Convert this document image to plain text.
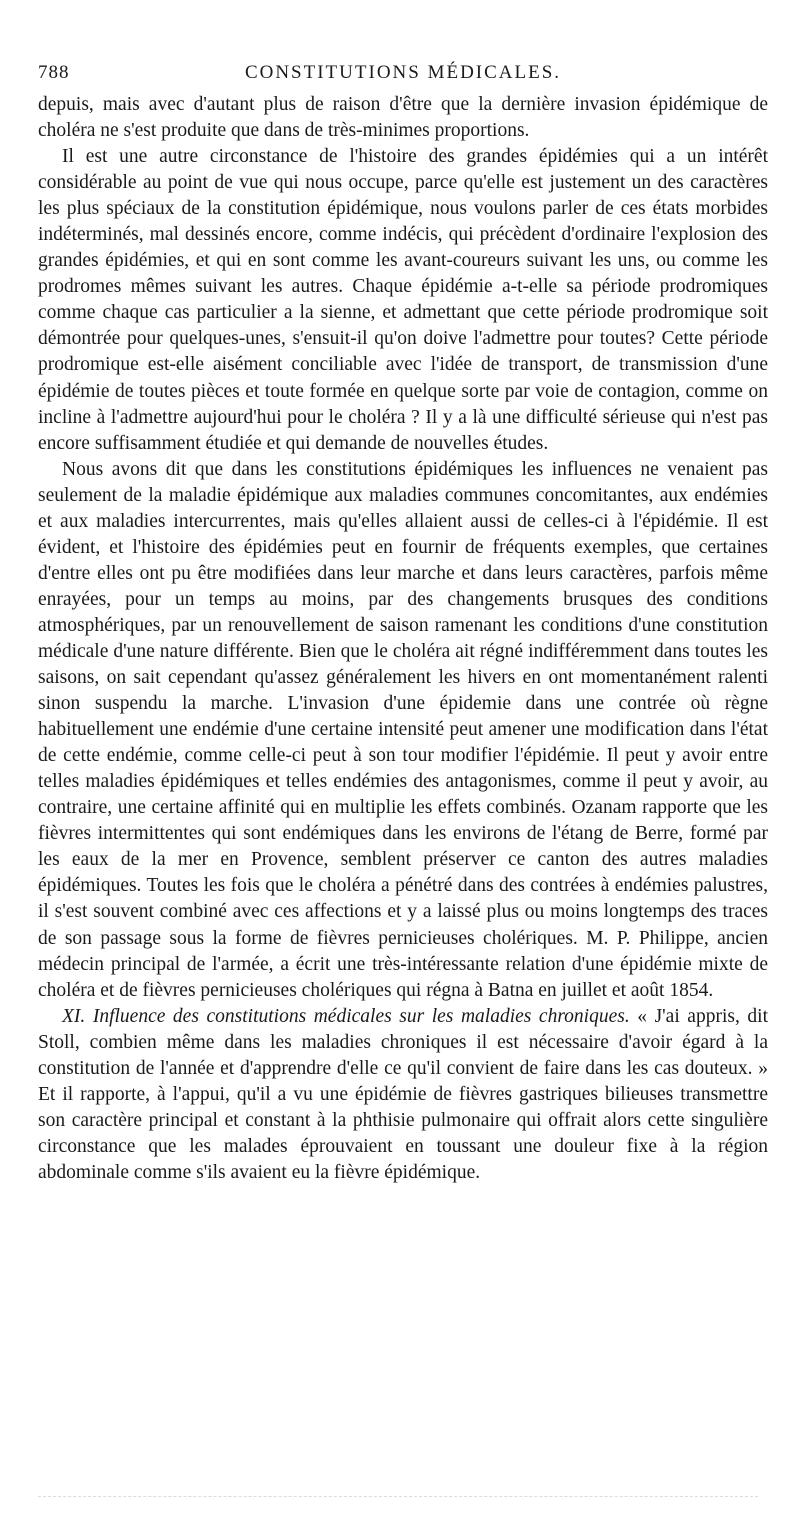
788	CONSTITUTIONS MÉDICALES.

depuis, mais avec d'autant plus de raison d'être que la dernière invasion épidémique de choléra ne s'est produite que dans de très-minimes proportions.

Il est une autre circonstance de l'histoire des grandes épidémies qui a un intérêt considérable au point de vue qui nous occupe, parce qu'elle est justement un des caractères les plus spéciaux de la constitution épidémique, nous voulons parler de ces états morbides indéterminés, mal dessinés encore, comme indécis, qui précèdent d'ordinaire l'explosion des grandes épidémies, et qui en sont comme les avant-coureurs suivant les uns, ou comme les prodromes mêmes suivant les autres. Chaque épidémie a-t-elle sa période prodromiques comme chaque cas particulier a la sienne, et admettant que cette période prodromique soit démontrée pour quelques-unes, s'ensuit-il qu'on doive l'admettre pour toutes? Cette période prodromique est-elle aisément conciliable avec l'idée de transport, de transmission d'une épidémie de toutes pièces et toute formée en quelque sorte par voie de contagion, comme on incline à l'admettre aujourd'hui pour le choléra ? Il y a là une difficulté sérieuse qui n'est pas encore suffisamment étudiée et qui demande de nouvelles études.

Nous avons dit que dans les constitutions épidémiques les influences ne venaient pas seulement de la maladie épidémique aux maladies communes concomitantes, aux endémies et aux maladies intercurrentes, mais qu'elles allaient aussi de celles-ci à l'épidémie. Il est évident, et l'histoire des épidémies peut en fournir de fréquents exemples, que certaines d'entre elles ont pu être modifiées dans leur marche et dans leurs caractères, parfois même enrayées, pour un temps au moins, par des changements brusques des conditions atmosphériques, par un renouvellement de saison ramenant les conditions d'une constitution médicale d'une nature différente. Bien que le choléra ait régné indifféremment dans toutes les saisons, on sait cependant qu'assez généralement les hivers en ont momentanément ralenti sinon suspendu la marche. L'invasion d'une épidemie dans une contrée où règne habituellement une endémie d'une certaine intensité peut amener une modification dans l'état de cette endémie, comme celle-ci peut à son tour modifier l'épidémie. Il peut y avoir entre telles maladies épidémiques et telles endémies des antagonismes, comme il peut y avoir, au contraire, une certaine affinité qui en multiplie les effets combinés. Ozanam rapporte que les fièvres intermittentes qui sont endémiques dans les environs de l'étang de Berre, formé par les eaux de la mer en Provence, semblent préserver ce canton des autres maladies épidémiques. Toutes les fois que le choléra a pénétré dans des contrées à endémies palustres, il s'est souvent combiné avec ces affections et y a laissé plus ou moins longtemps des traces de son passage sous la forme de fièvres pernicieuses cholériques. M. P. Philippe, ancien médecin principal de l'armée, a écrit une très-intéressante relation d'une épidémie mixte de choléra et de fièvres pernicieuses cholériques qui régna à Batna en juillet et août 1854.

XI. Influence des constitutions médicales sur les maladies chroniques. « J'ai appris, dit Stoll, combien même dans les maladies chroniques il est nécessaire d'avoir égard à la constitution de l'année et d'apprendre d'elle ce qu'il convient de faire dans les cas douteux. » Et il rapporte, à l'appui, qu'il a vu une épidémie de fièvres gastriques bilieuses transmettre son caractère principal et constant à la phthisie pulmonaire qui offrait alors cette singulière circonstance que les malades éprouvaient en toussant une douleur fixe à la région abdominale comme s'ils avaient eu la fièvre épidémique.
